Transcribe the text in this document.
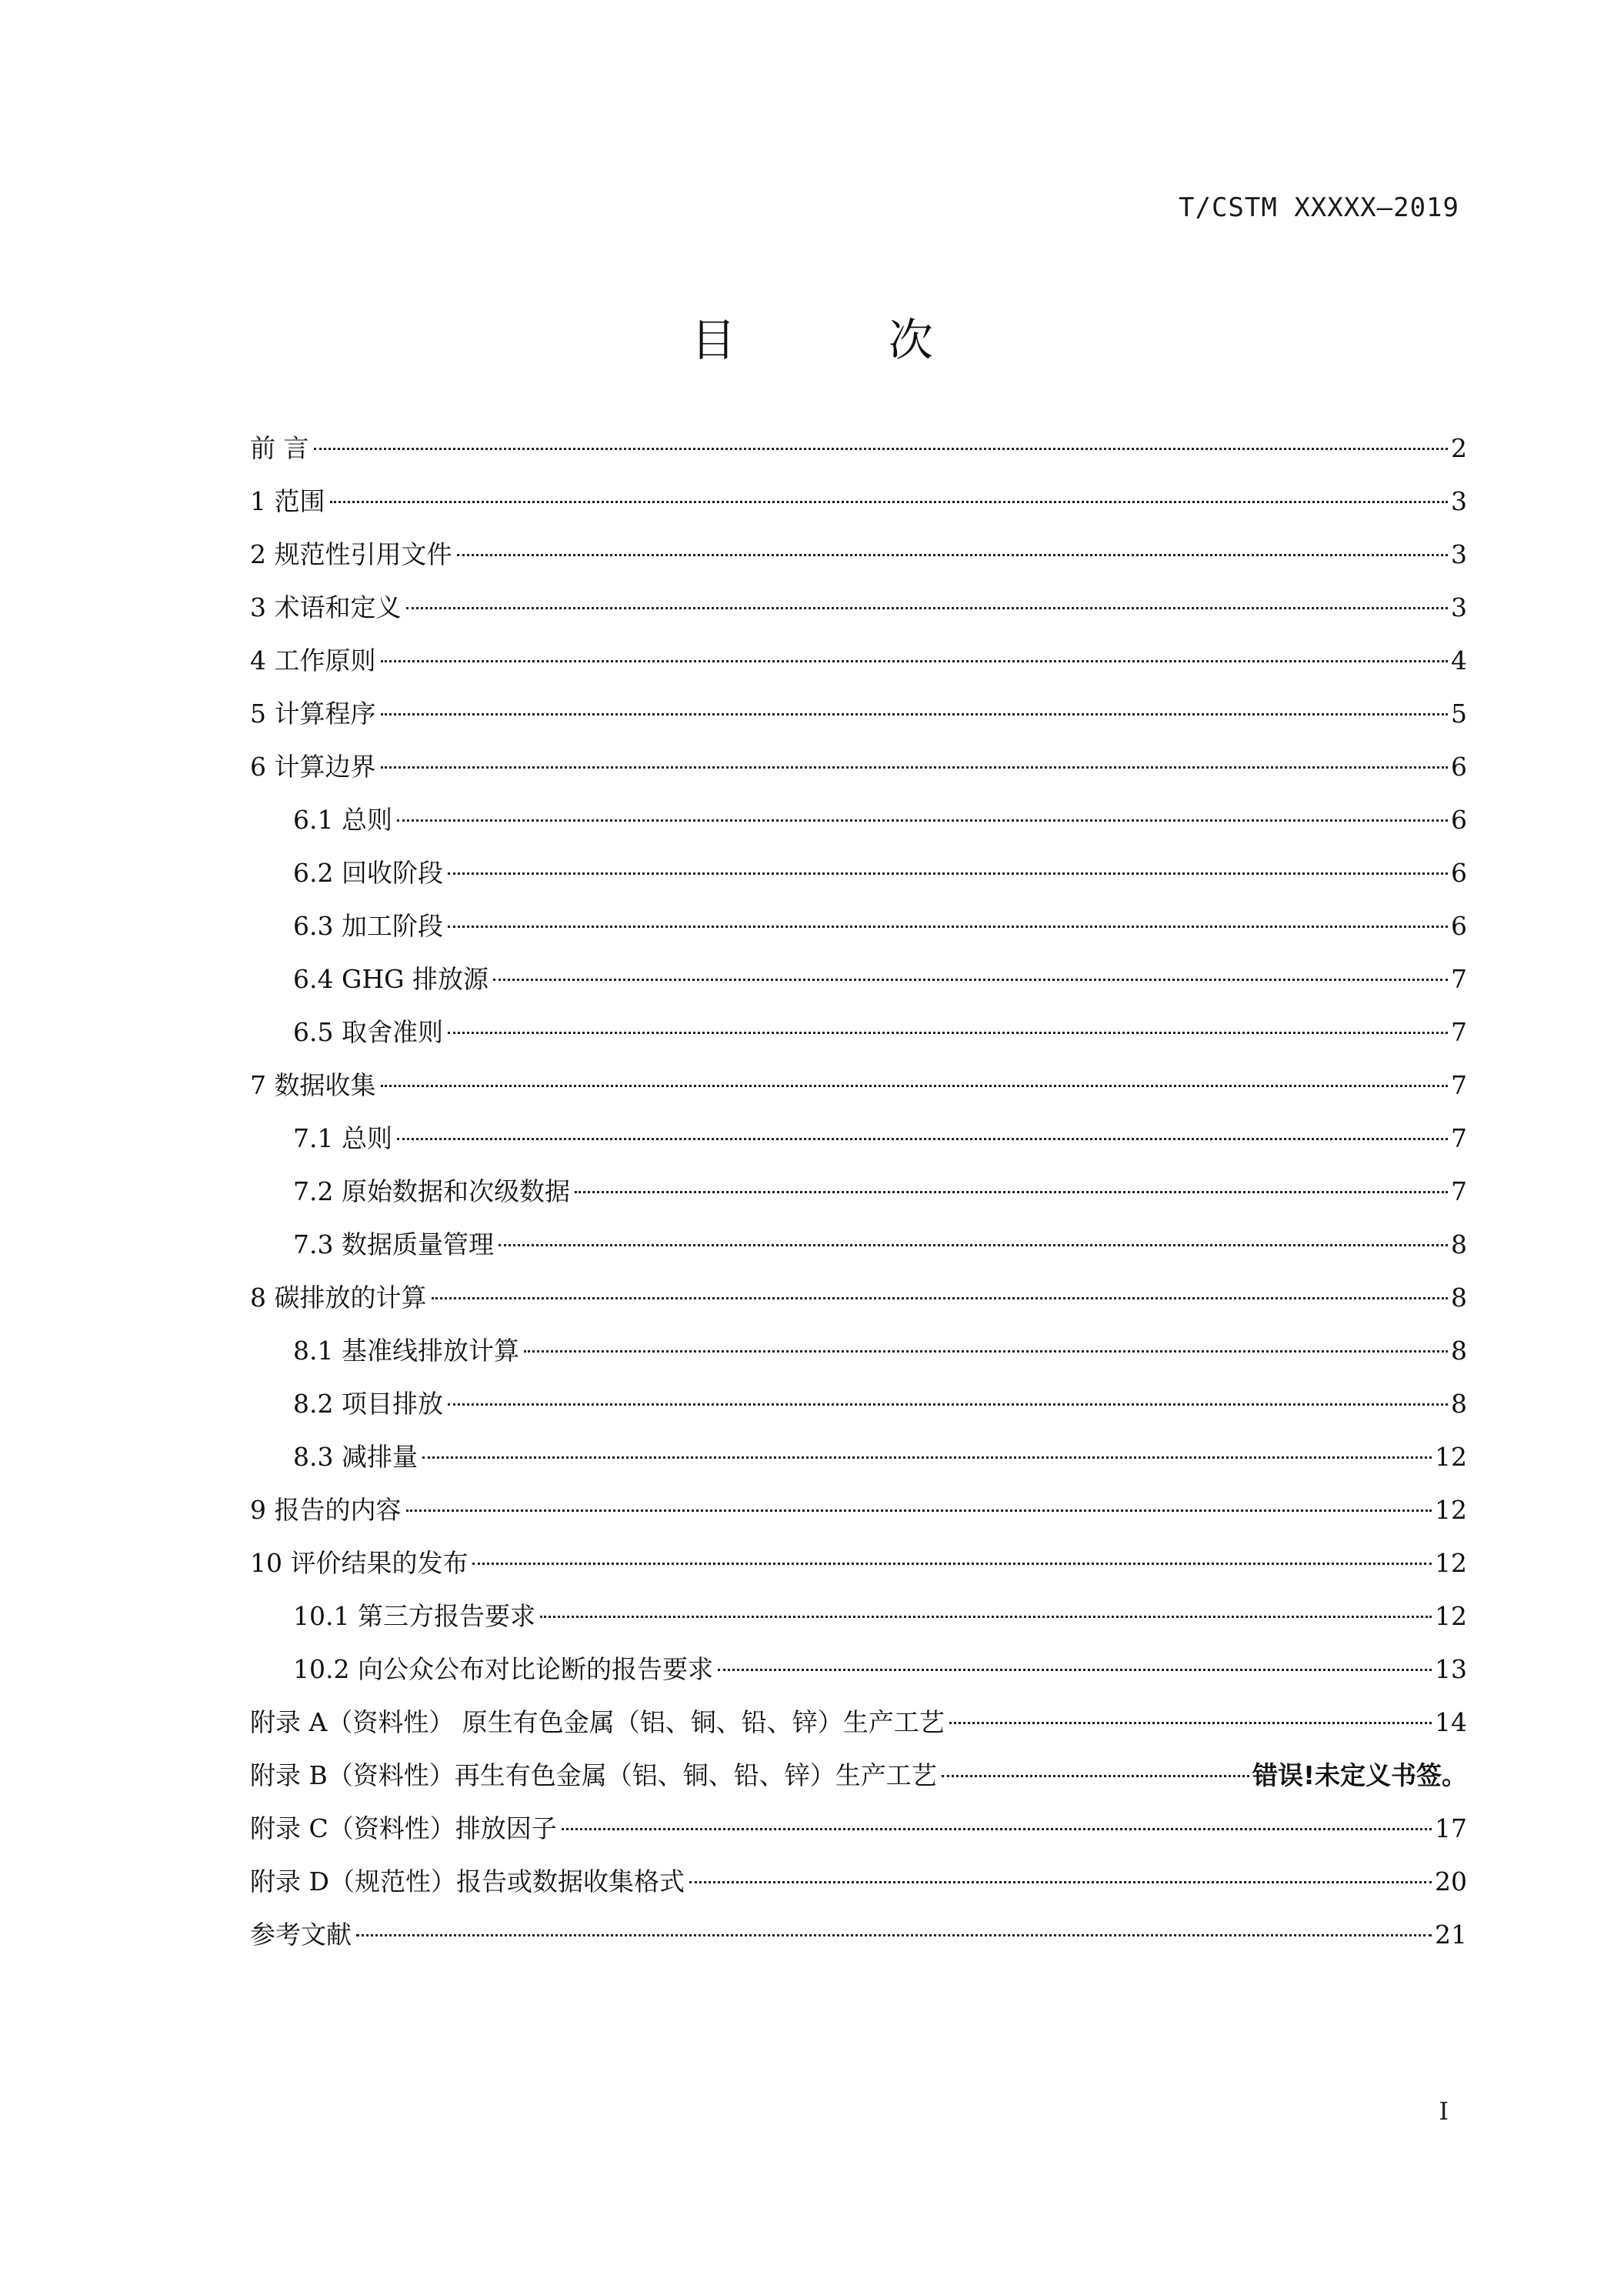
T/CSTM XXXXX—2019
目 次
前 言	2
1 范围	3
2 规范性引用文件	3
3 术语和定义	3
4 工作原则	4
5 计算程序	5
6 计算边界	6
6.1 总则	6
6.2 回收阶段	6
6.3 加工阶段	6
6.4 GHG 排放源	7
6.5 取舍准则	7
7 数据收集	7
7.1 总则	7
7.2 原始数据和次级数据	7
7.3 数据质量管理	8
8 碳排放的计算	8
8.1 基准线排放计算	8
8.2 项目排放	8
8.3 减排量	12
9 报告的内容	12
10 评价结果的发布	12
10.1 第三方报告要求	12
10.2 向公众公布对比论断的报告要求	13
附录 A（资料性） 原生有色金属（铝、铜、铅、锌）生产工艺	14
附录 B（资料性）再生有色金属（铝、铜、铅、锌）生产工艺	错误!未定义书签。
附录 C（资料性）排放因子	17
附录 D（规范性）报告或数据收集格式	20
参考文献	21
I
